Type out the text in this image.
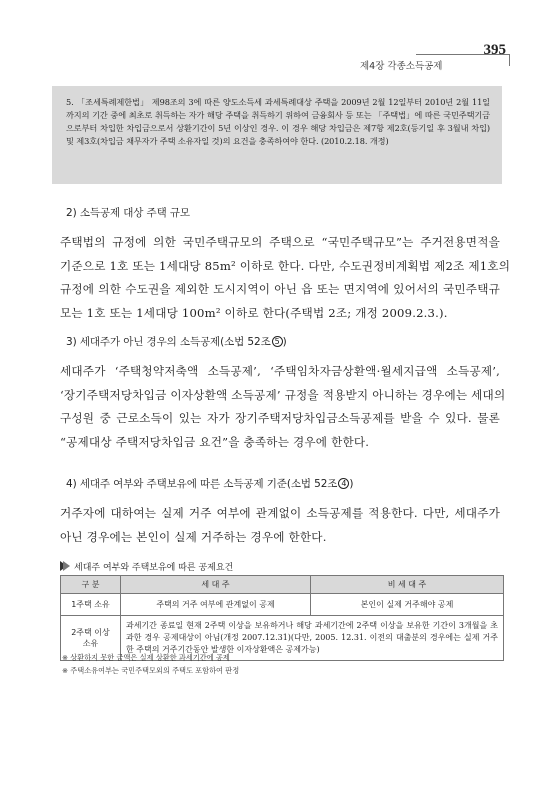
395
제4장 각종소득공제

5. 「조세특례제한법」 제98조의 3에 따른 양도소득세 과세특례대상 주택을 2009년 2월 12일부터 2010년 2월 11일까지의 기간 중에 최초로 취득하는 자가 해당 주택을 취득하기 위하여 금융회사 등 또는 「주택법」에 따른 국민주택기금으로부터 차입한 차입금으로서 상환기간이 5년 이상인 경우. 이 경우 해당 차입금은 제7항 제2호(등기일 후 3월내 차입) 및 제3호(차입금 채무자가 주택 소유자일 것)의 요건을 충족하여야 한다. (2010.2.18. 개정)

2) 소득공제 대상 주택 규모
주택법의 규정에 의한 국민주택규모의 주택으로 “국민주택규모”는 주거전용면적을
기준으로 1호 또는 1세대당 85m² 이하로 한다. 다만, 수도권정비계획법 제2조 제1호의
규정에 의한 수도권을 제외한 도시지역이 아닌 읍 또는 면지역에 있어서의 국민주택규
모는 1호 또는 1세대당 100m² 이하로 한다(주택법 2조; 개정 2009.2.3.).
3) 세대주가 아닌 경우의 소득공제(소법 52조 5 )
세대주가 ‘주택청약저축액 소득공제’, ‘주택임차자금상환액·월세지급액 소득공제’,
‘장기주택저당차입금 이자상환액 소득공제’ 규정을 적용받지 아니하는 경우에는 세대의
구성원 중 근로소득이 있는 자가 장기주택저당차입금소득공제를 받을 수 있다. 물론
“공제대상 주택저당차입금 요건”을 충족하는 경우에 한한다.
4) 세대주 여부와 주택보유에 따른 소득공제 기준(소법 52조 4 )
거주자에 대하여는 실제 거주 여부에 관계없이 소득공제를 적용한다. 다만, 세대주가
아닌 경우에는 본인이 실제 거주하는 경우에 한한다.
세대주 여부와 주택보유에 따른 공제요건
구 분	세 대 주	비 세 대 주
1주택 소유	주택의 거주 여부에 관계없이 공제	본인이 실제 거주해야 공제

2주택 이상
소유	과세기간 종료일 현재 2주택 이상을 보유하거나 해당 과세기간에 2주택 이상을 보유한 기간이 3개월을 초과한 경우 공제대상이 아님(개정 2007.12.31)(다만, 2005. 12.31. 이전의 대출분의 경우에는 실제 거주한 주택의 거주기간동안 발생한 이자상환액은 공제가능)	
※ 상환하지 못한 금액은 실제 상환한 과세기간에 공제
※ 주택소유여부는 국민주택모외의 주택도 포함하여 판정
